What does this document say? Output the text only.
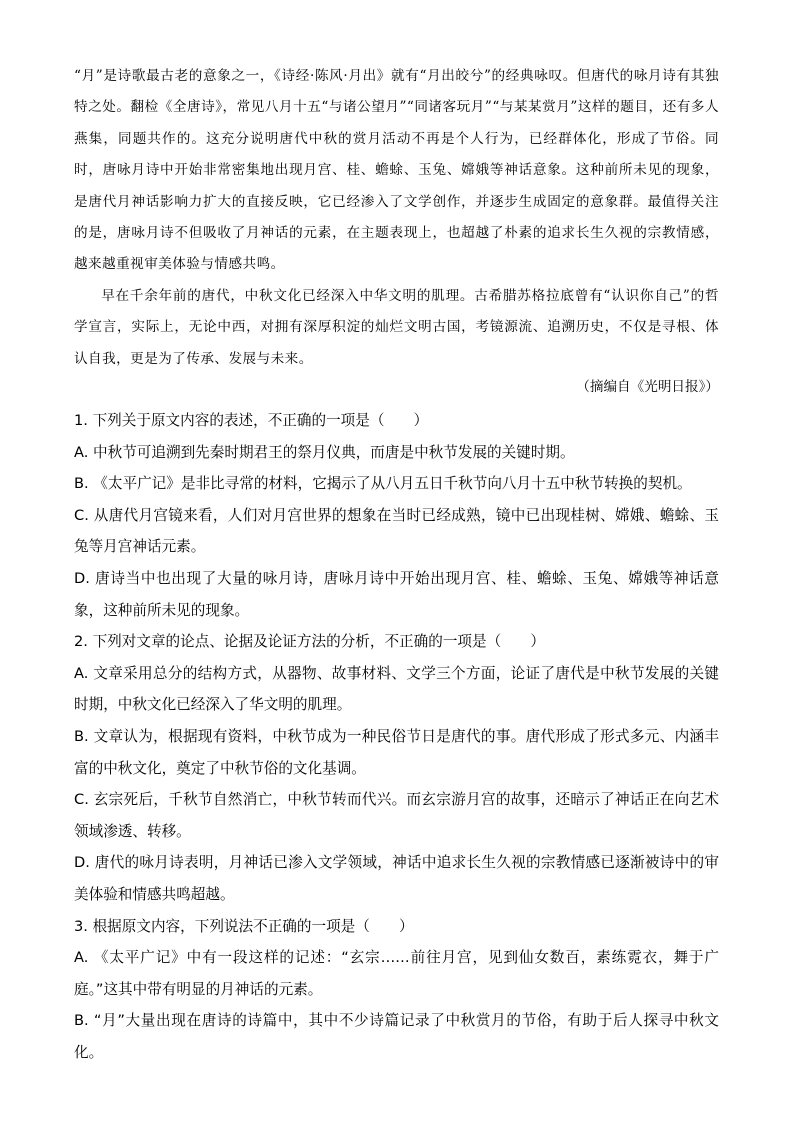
“月”是诗歌最古老的意象之一，《诗经·陈风·月出》就有“月出皎兮”的经典咏叹。但唐代的咏月诗有其独特之处。翻检《全唐诗》，常见八月十五“与诸公望月”“同诸客玩月”“与某某赏月”这样的题目，还有多人燕集，同题共作的。这充分说明唐代中秋的赏月活动不再是个人行为，已经群体化，形成了节俗。同时，唐咏月诗中开始非常密集地出现月宫、桂、蟾蜍、玉兔、嫦娥等神话意象。这种前所未见的现象，是唐代月神话影响力扩大的直接反映，它已经渗入了文学创作，并逐步生成固定的意象群。最值得关注的是，唐咏月诗不但吸收了月神话的元素，在主题表现上，也超越了朴素的追求长生久视的宗教情感，越来越重视审美体验与情感共鸣。

早在千余年前的唐代，中秋文化已经深入中华文明的肌理。古希腊苏格拉底曾有“认识你自己”的哲学宣言，实际上，无论中西，对拥有深厚积淀的灿烂文明古国，考镜源流、追溯历史，不仅是寻根、体认自我，更是为了传承、发展与未来。

（摘编自《光明日报》）

1. 下列关于原文内容的表述，不正确的一项是（　　）

A. 中秋节可追溯到先秦时期君王的祭月仪典，而唐是中秋节发展的关键时期。

B. 《太平广记》是非比寻常的材料，它揭示了从八月五日千秋节向八月十五中秋节转换的契机。

C. 从唐代月宫镜来看，人们对月宫世界的想象在当时已经成熟，镜中已出现桂树、嫦娥、蟾蜍、玉兔等月宫神话元素。

D. 唐诗当中也出现了大量的咏月诗，唐咏月诗中开始出现月宫、桂、蟾蜍、玉兔、嫦娥等神话意象，这种前所未见的现象。

2. 下列对文章的论点、论据及论证方法的分析，不正确的一项是（　　）

A. 文章采用总分的结构方式，从器物、故事材料、文学三个方面，论证了唐代是中秋节发展的关键时期，中秋文化已经深入了华文明的肌理。

B. 文章认为，根据现有资料，中秋节成为一种民俗节日是唐代的事。唐代形成了形式多元、内涵丰富的中秋文化，奠定了中秋节俗的文化基调。

C. 玄宗死后，千秋节自然消亡，中秋节转而代兴。而玄宗游月宫的故事，还暗示了神话正在向艺术领域渗透、转移。

D. 唐代的咏月诗表明，月神话已渗入文学领域，神话中追求长生久视的宗教情感已逐渐被诗中的审美体验和情感共鸣超越。

3. 根据原文内容，下列说法不正确的一项是（　　）

A. 《太平广记》中有一段这样的记述：“玄宗……前往月宫，见到仙女数百，素练霓衣，舞于广庭。”这其中带有明显的月神话的元素。

B. “月”大量出现在唐诗的诗篇中，其中不少诗篇记录了中秋赏月的节俗，有助于后人探寻中秋文化。
